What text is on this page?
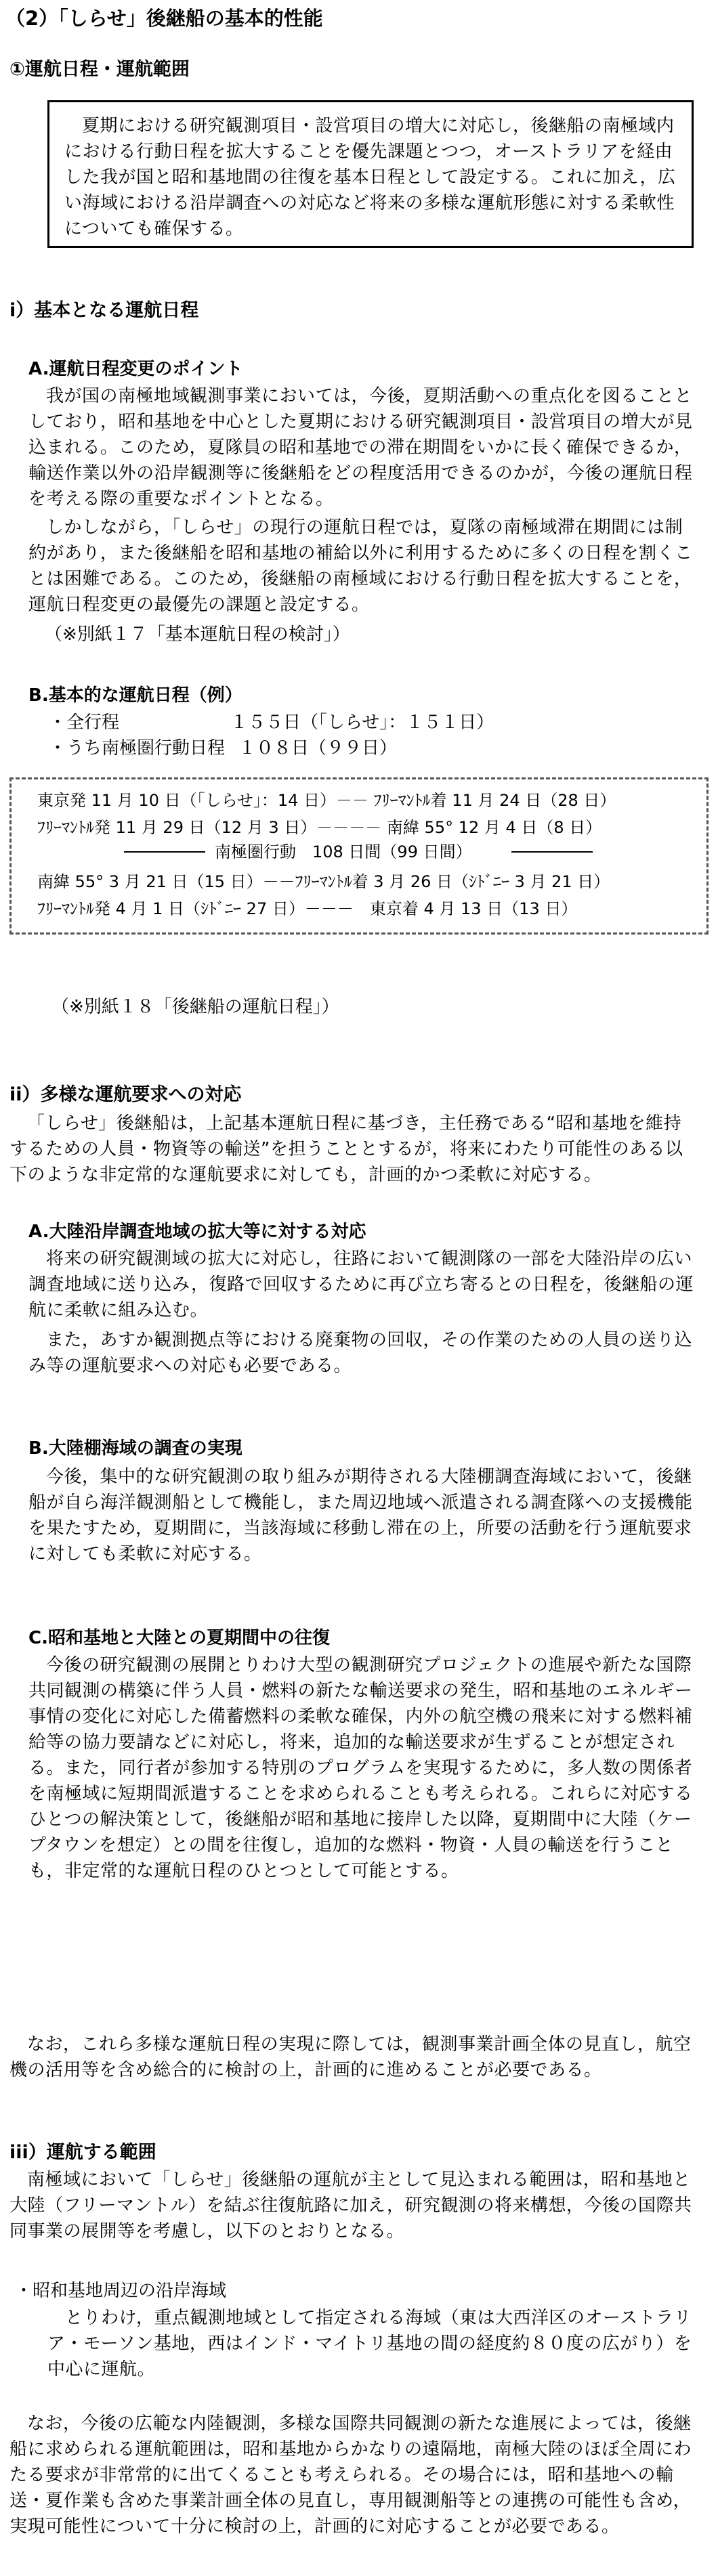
（2）「しらせ」後継船の基本的性能
①運航日程・運航範囲
夏期における研究観測項目・設営項目の増大に対応し，後継船の南極域内における行動日程を拡大することを優先課題とつつ，オーストラリアを経由した我が国と昭和基地間の往復を基本日程として設定する。これに加え，広い海域における沿岸調査への対応など将来の多様な運航形態に対する柔軟性についても確保する。
i）基本となる運航日程
A.運航日程変更のポイント
我が国の南極地域観測事業においては，今後，夏期活動への重点化を図ることとしており，昭和基地を中心とした夏期における研究観測項目・設営項目の増大が見込まれる。このため，夏隊員の昭和基地での滞在期間をいかに長く確保できるか，輸送作業以外の沿岸観測等に後継船をどの程度活用できるのかが，今後の運航日程を考える際の重要なポイントとなる。
しかしながら，「しらせ」の現行の運航日程では，夏隊の南極域滞在期間には制約があり，また後継船を昭和基地の補給以外に利用するために多くの日程を割くことは困難である。このため，後継船の南極域における行動日程を拡大することを，運航日程変更の最優先の課題と設定する。
（※別紙１７「基本運航日程の検討」）
B.基本的な運航日程（例）
・全行程	１５５日（「しらせ」：１５１日）
・うち南極圏行動日程 １０８日（９９日）
東京発 11 月 10 日（「しらせ」：14 日）－－ ﾌﾘｰﾏﾝﾄﾙ着 11 月 24 日（28 日）
ﾌﾘｰﾏﾝﾄﾙ発 11 月 29 日（12 月 3 日）－－－－ 南緯 55° 12 月 4 日（8 日）
南極圏行動　108 日間（99 日間）
南緯 55° 3 月 21 日（15 日）－－ﾌﾘｰﾏﾝﾄﾙ着 3 月 26 日（ｼﾄﾞﾆｰ 3 月 21 日）
ﾌﾘｰﾏﾝﾄﾙ発 4 月 1 日（ｼﾄﾞﾆｰ 27 日）－－－　東京着 4 月 13 日（13 日）
（※別紙１８「後継船の運航日程」）
ii）多様な運航要求への対応
「しらせ」後継船は，上記基本運航日程に基づき，主任務である“昭和基地を維持するための人員・物資等の輸送”を担うこととするが，将来にわたり可能性のある以下のような非定常的な運航要求に対しても，計画的かつ柔軟に対応する。
A.大陸沿岸調査地域の拡大等に対する対応
将来の研究観測域の拡大に対応し，往路において観測隊の一部を大陸沿岸の広い調査地域に送り込み，復路で回収するために再び立ち寄るとの日程を，後継船の運航に柔軟に組み込む。
また，あすか観測拠点等における廃棄物の回収，その作業のための人員の送り込み等の運航要求への対応も必要である。
B.大陸棚海域の調査の実現
今後，集中的な研究観測の取り組みが期待される大陸棚調査海域において，後継船が自ら海洋観測船として機能し，また周辺地域へ派遣される調査隊への支援機能を果たすため，夏期間に，当該海域に移動し滞在の上，所要の活動を行う運航要求に対しても柔軟に対応する。
C.昭和基地と大陸との夏期間中の往復
今後の研究観測の展開とりわけ大型の観測研究プロジェクトの進展や新たな国際共同観測の構築に伴う人員・燃料の新たな輸送要求の発生，昭和基地のエネルギー事情の変化に対応した備蓄燃料の柔軟な確保，内外の航空機の飛来に対する燃料補給等の協力要請などに対応し，将来，追加的な輸送要求が生ずることが想定される。また，同行者が参加する特別のプログラムを実現するために，多人数の関係者を南極域に短期間派遣することを求められることも考えられる。これらに対応するひとつの解決策として，後継船が昭和基地に接岸した以降，夏期間中に大陸（ケープタウンを想定）との間を往復し，追加的な燃料・物資・人員の輸送を行うことも，非定常的な運航日程のひとつとして可能とする。
なお，これら多様な運航日程の実現に際しては，観測事業計画全体の見直し，航空機の活用等を含め総合的に検討の上，計画的に進めることが必要である。
iii）運航する範囲
南極域において「しらせ」後継船の運航が主として見込まれる範囲は，昭和基地と大陸（フリーマントル）を結ぶ往復航路に加え，研究観測の将来構想，今後の国際共同事業の展開等を考慮し，以下のとおりとなる。
・昭和基地周辺の沿岸海域
とりわけ，重点観測地域として指定される海域（東は大西洋区のオーストラリア・モーソン基地，西はインド・マイトリ基地の間の経度約８０度の広がり）を中心に運航。
なお，今後の広範な内陸観測，多様な国際共同観測の新たな進展によっては，後継船に求められる運航範囲は，昭和基地からかなりの遠隔地，南極大陸のほぼ全周にわたる要求が非常常的に出てくることも考えられる。その場合には，昭和基地への輸送・夏作業も含めた事業計画全体の見直し，専用観測船等との連携の可能性も含め，実現可能性について十分に検討の上，計画的に対応することが必要である。
